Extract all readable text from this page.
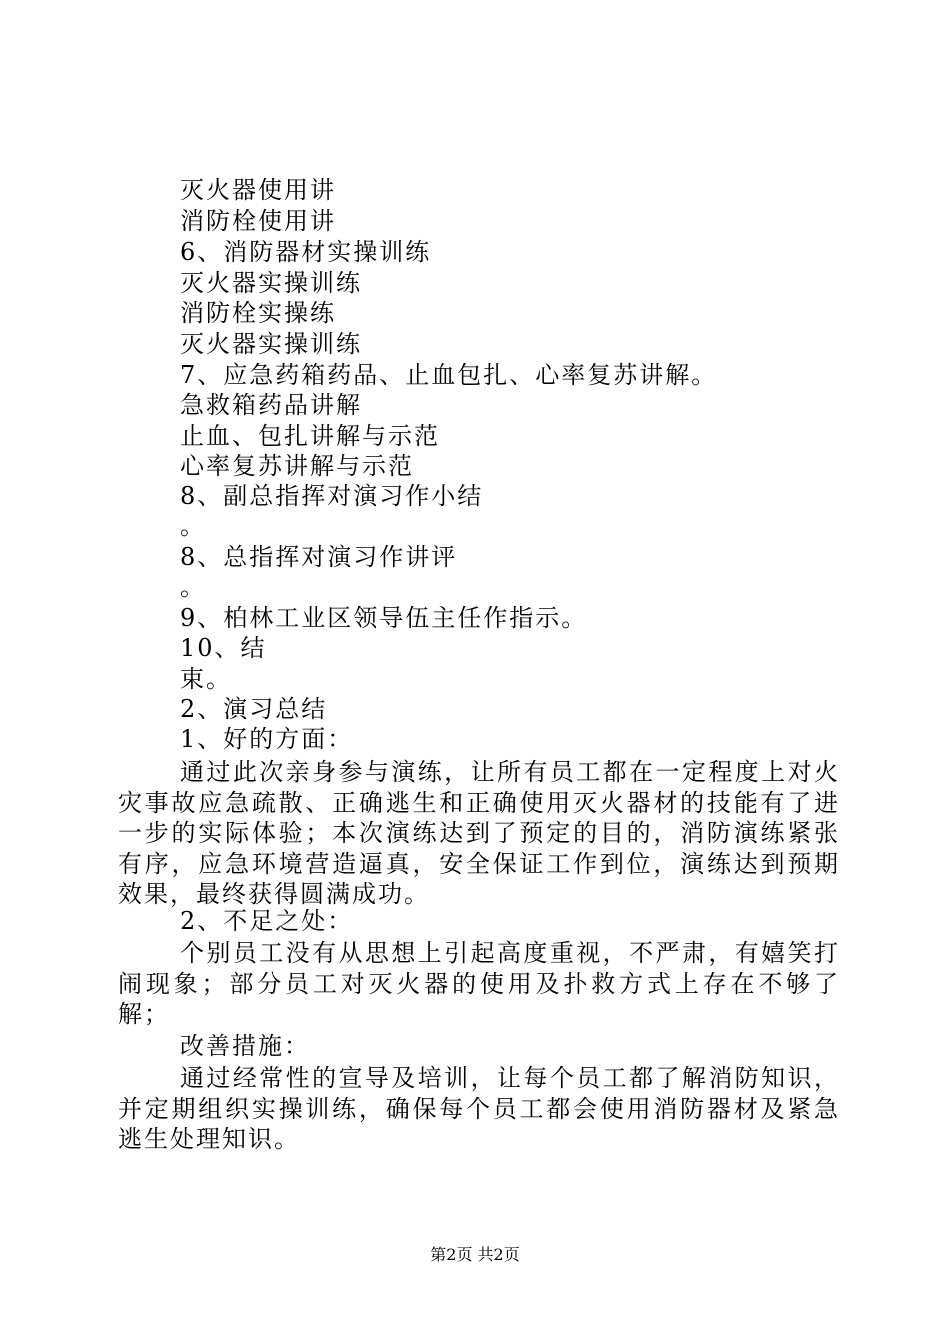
灭火器使用讲
消防栓使用讲
6、消防器材实操训练
灭火器实操训练
消防栓实操练
灭火器实操训练
7、应急药箱药品、止血包扎、心率复苏讲解。
急救箱药品讲解
止血、包扎讲解与示范
心率复苏讲解与示范
8、副总指挥对演习作小结
。
8、总指挥对演习作讲评
。
9、柏林工业区领导伍主任作指示。
10、结
束。
2、演习总结
1、好的方面：
通过此次亲身参与演练，让所有员工都在一定程度上对火灾事故应急疏散、正确逃生和正确使用灭火器材的技能有了进一步的实际体验；本次演练达到了预定的目的，消防演练紧张有序，应急环境营造逼真，安全保证工作到位，演练达到预期效果，最终获得圆满成功。
2、不足之处：
个别员工没有从思想上引起高度重视，不严肃，有嬉笑打闹现象；部分员工对灭火器的使用及扑救方式上存在不够了解；
改善措施：
通过经常性的宣导及培训，让每个员工都了解消防知识，并定期组织实操训练，确保每个员工都会使用消防器材及紧急逃生处理知识。
第2页 共2页
